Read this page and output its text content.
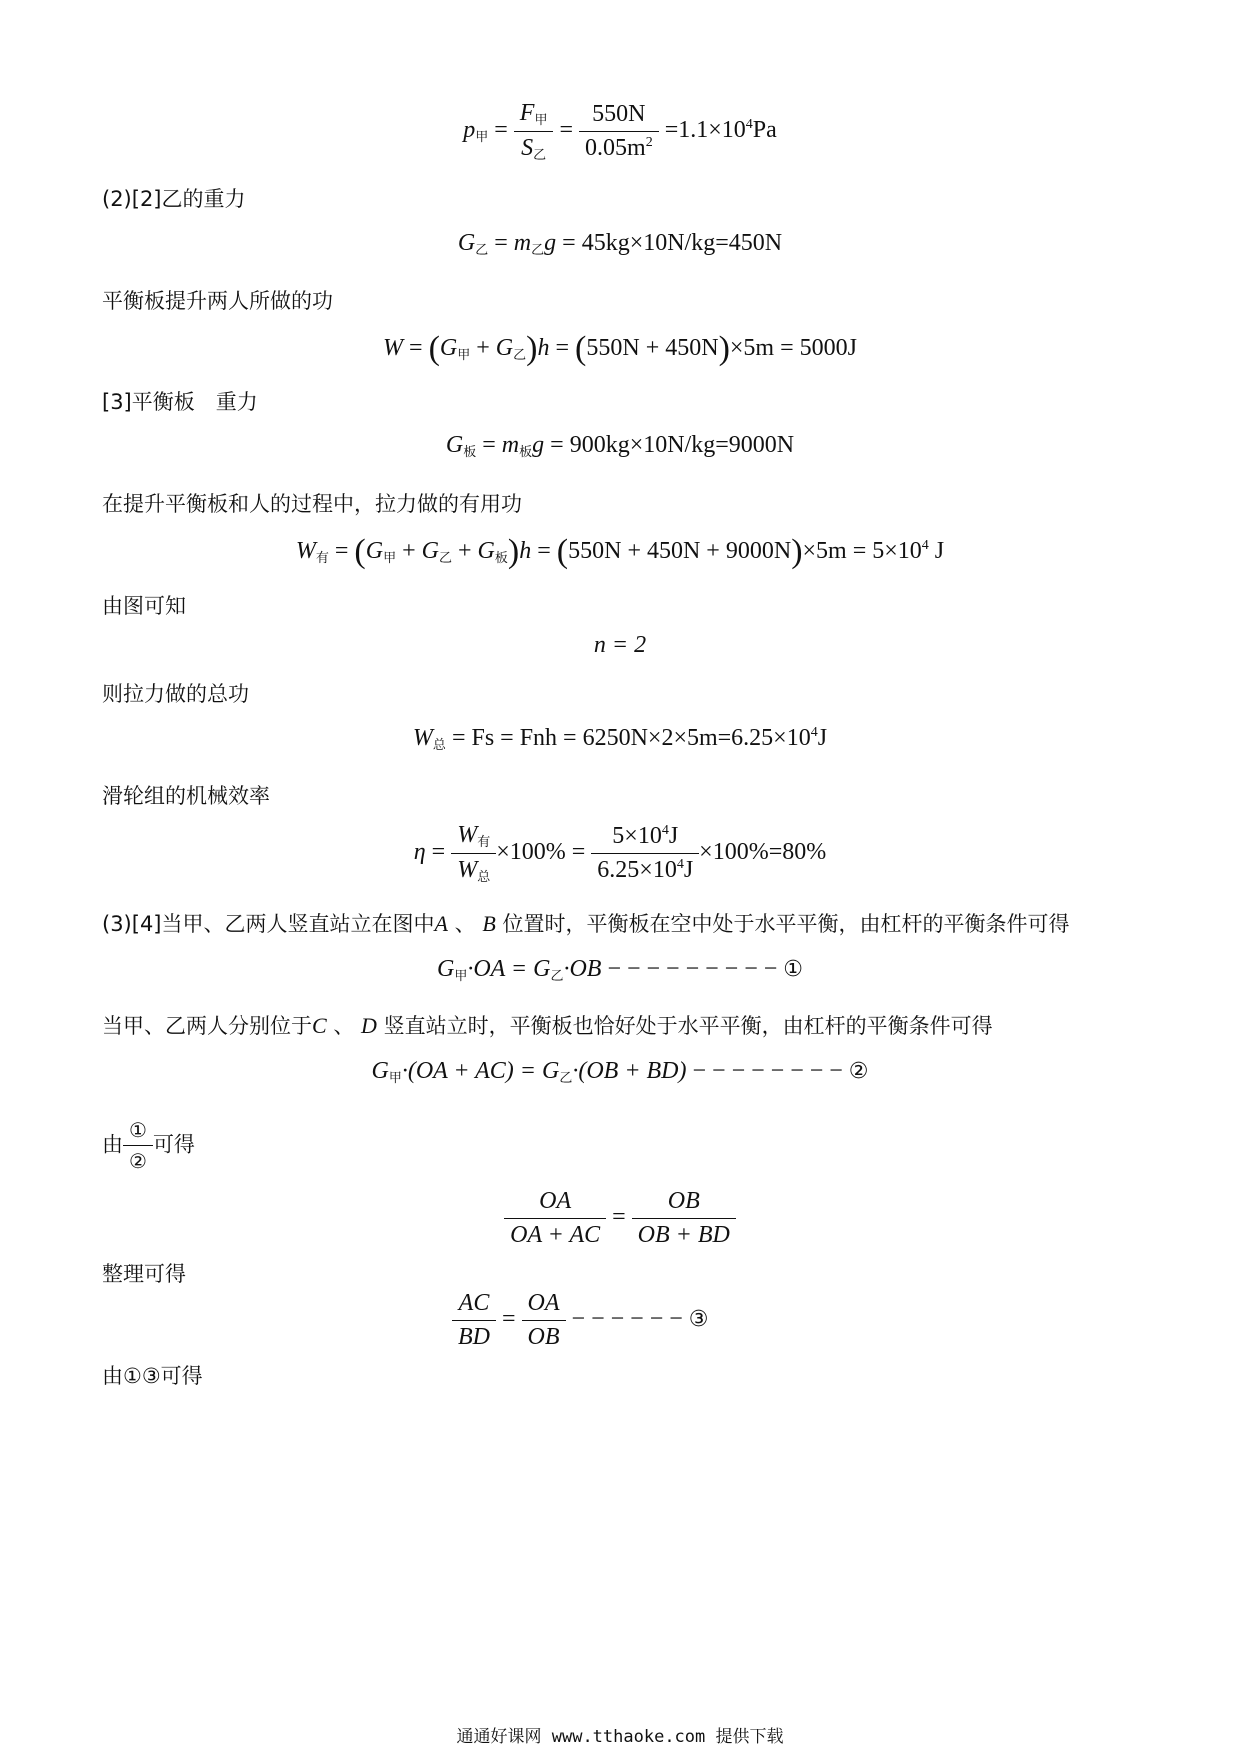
$p_甲 = \frac{F_甲}{S_乙} = \frac{550N}{0.05m^2} =1.1\times 10^4Pa$
(2)[2]乙的重力
$G_乙 = m_乙g = 45kg\times 10N/kg=450N$
平衡板提升两人所做的功
$W = (G_甲 + G_乙)h = (550N + 450N)\times 5m = 5000J$
[3]平衡板　重力
$G_板 = m_板g = 900kg\times 10N/kg=9000N$
在提升平衡板和人的过程中，拉力做的有用功
$W_有 = (G_甲 + G_乙 + G_板)h = (550N + 450N + 9000N)\times 5m = 5\times 10^4$ J
由图可知
n = 2
则拉力做的总功
$W_总 = Fs$ = Fnh = $6250N\times 2\times 5m=6.25\times 10^4J$
滑轮组的机械效率
$\eta = \frac{W_有}{W_总} \times 100\% = \frac{5\times 10^4J}{6.25\times 10^4J} \times 100\%=80\%$
(3)[4]当甲、乙两人竖直站立在图中A 、 B 位置时，平衡板在空中处于水平平衡，由杠杆的平衡条件可得
$G_甲\cdot OA = G_乙\cdot OB$ − − − − − − − − − ①
当甲、乙两人分别位于C 、 D 竖直站立时，平衡板也恰好处于水平平衡，由杠杆的平衡条件可得
$G_甲\cdot(OA + AC) = G_乙\cdot(OB + BD)$ − − − − − − − − ②
由 $\frac{\text{①}}{\text{②}}$ 可得
$\frac{OA}{OA + AC} = \frac{OB}{OB + BD}$
整理可得
$\frac{AC}{BD} = \frac{OA}{OB}$ − − − − − − ③
由①③可得
通通好课网 www.tthaoke.com 提供下载
